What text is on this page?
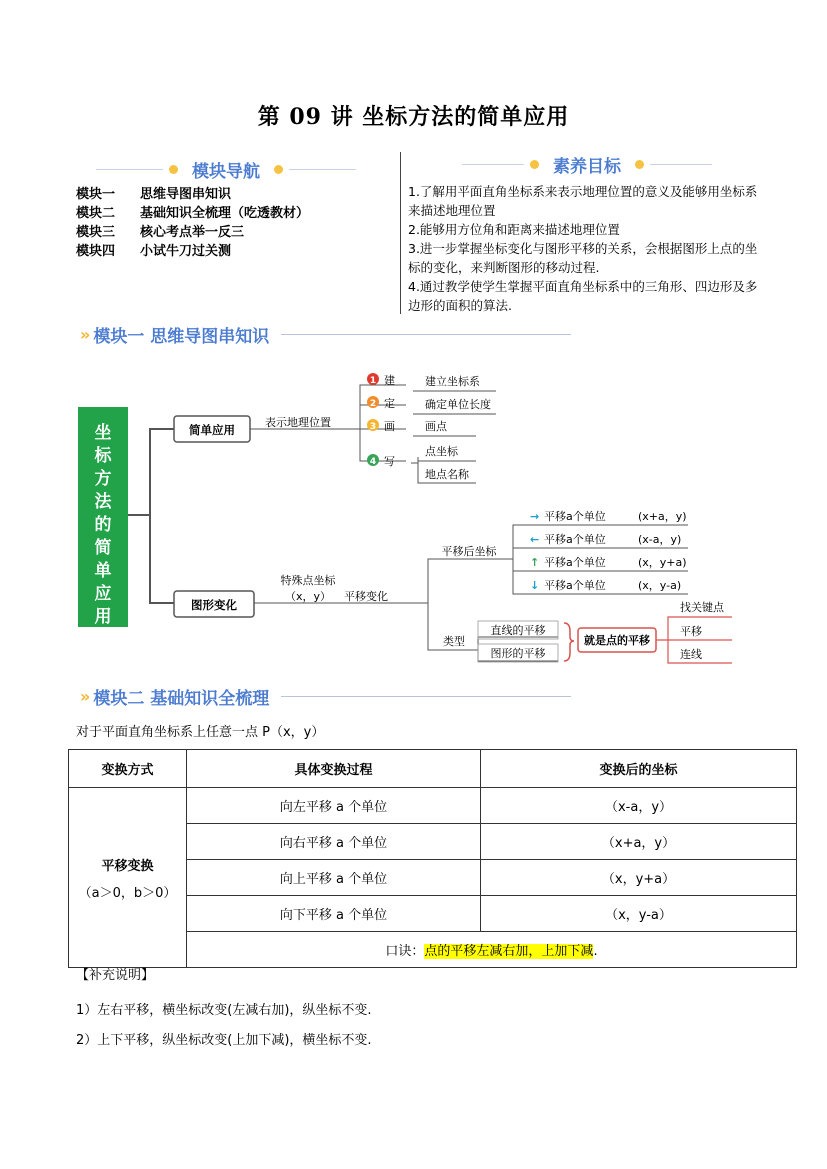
第 09 讲 坐标方法的简单应用
模块导航	素养目标
模块一	思维导图串知识
模块二	基础知识全梳理（吃透教材）
模块三	核心考点举一反三
模块四	小试牛刀过关测
1.了解用平面直角坐标系来表示地理位置的意义及能够用坐标系来描述地理位置
2.能够用方位角和距离来描述地理位置
3.进一步掌握坐标变化与图形平移的关系，会根据图形上点的坐标的变化，来判断图形的移动过程.
4.通过教学使学生掌握平面直角坐标系中的三角形、四边形及多边形的面积的算法.
» 模块一 思维导图串知识
坐
标
方
法
的
简
单
应
用
简单应用
表示地理位置
1 建
2 定
3 画
4 写
建立坐标系
确定单位长度
画点
点坐标
地点名称
图形变化
特殊点坐标
（x，y） 平移变化
平移后坐标
→ 平移a个单位	(x+a，y)
← 平移a个单位	(x-a，y)
↑ 平移a个单位	(x，y+a)
↓ 平移a个单位	(x，y-a)
类型
直线的平移
图形的平移
就是点的平移
找关键点
平移
连线
» 模块二 基础知识全梳理
对于平面直角坐标系上任意一点 P（x，y）
变换方式	具体变换过程	变换后的坐标

平移变换
（a＞0，b＞0）	向左平移 a 个单位	（x-a，y）
	向右平移 a 个单位	（x+a，y）
	向上平移 a 个单位	（x，y+a）
	向下平移 a 个单位	（x，y-a）
	口诀：点的平移左减右加，上加下减.	
【补充说明】
1）左右平移，横坐标改变(左减右加)，纵坐标不变.
2）上下平移，纵坐标改变(上加下减)，横坐标不变.
